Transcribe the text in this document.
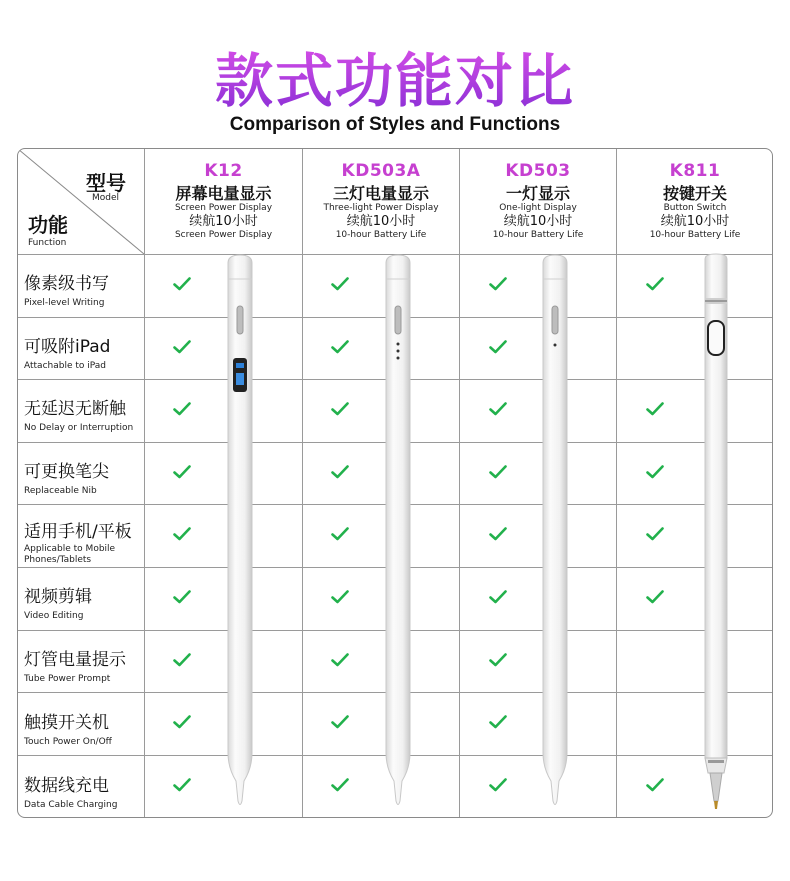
款式功能对比
Comparison of Styles and Functions
型号
Model
功能
Function
K12
屏幕电量显示
Screen Power Display
续航10小时
Screen Power Display
KD503A
三灯电量显示
Three-light Power Display
续航10小时
10-hour Battery Life
KD503
一灯显示
One-light Display
续航10小时
10-hour Battery Life
K811
按键开关
Button Switch
续航10小时
10-hour Battery Life
像素级书写
Pixel-level Writing
可吸附iPad
Attachable to iPad
无延迟无断触
No Delay or Interruption
可更换笔尖
Replaceable Nib
适用手机/平板
Applicable to Mobile Phones/Tablets
视频剪辑
Video Editing
灯管电量提示
Tube Power Prompt
触摸开关机
Touch Power On/Off
数据线充电
Data Cable Charging
